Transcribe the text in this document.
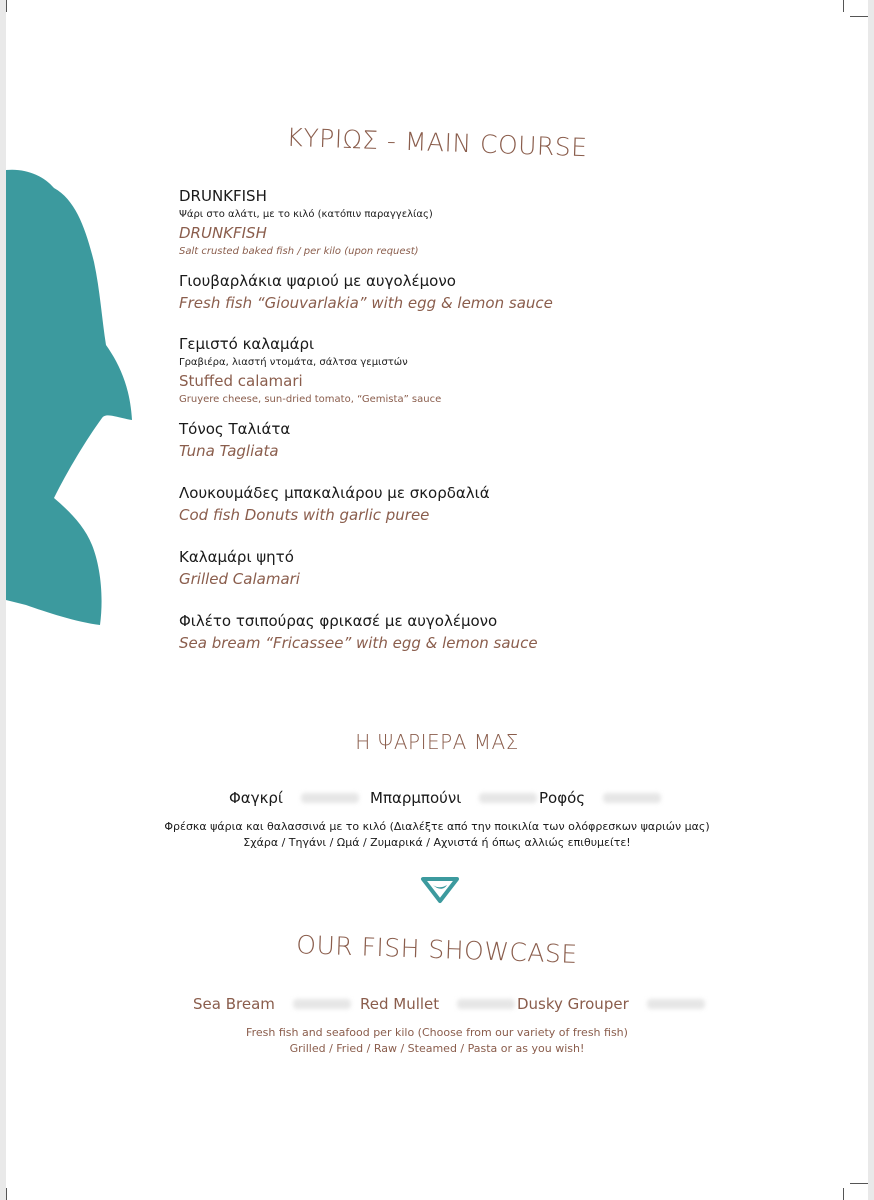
ΚΥΡΙΩΣ - MAIN COURSE
DRUNKFISH
Ψάρι στο αλάτι, με το κιλό (κατόπιν παραγγελίας)
DRUNKFISH
Salt crusted baked fish / per kilo (upon request)
Γιουβαρλάκια ψαριού με αυγολέμονο
Fresh fish “Giouvarlakia” with egg & lemon sauce
Γεμιστό καλαμάρι
Γραβιέρα, λιαστή ντομάτα, σάλτσα γεμιστών
Stuffed calamari
Gruyere cheese, sun-dried tomato, “Gemista” sauce
Τόνος Ταλιάτα
Tuna Tagliata
Λουκουμάδες μπακαλιάρου με σκορδαλιά
Cod fish Donuts with garlic puree
Καλαμάρι ψητό
Grilled Calamari
Φιλέτο τσιπούρας φρικασέ με αυγολέμονο
Sea bream “Fricassee” with egg & lemon sauce
Η ΨΑΡΙΕΡΑ ΜΑΣ
Φαγκρί	Μπαρμπούνι	Ροφός
Φρέσκα ψάρια και θαλασσινά με το κιλό (Διαλέξτε από την ποικιλία των ολόφρεσκων ψαριών μας)
Σχάρα / Τηγάνι / Ωμά / Ζυμαρικά / Αχνιστά ή όπως αλλιώς επιθυμείτε!
OUR FISH SHOWCASE
Sea Bream	Red Mullet	Dusky Grouper
Fresh fish and seafood per kilo (Choose from our variety of fresh fish)
Grilled / Fried / Raw / Steamed / Pasta or as you wish!
